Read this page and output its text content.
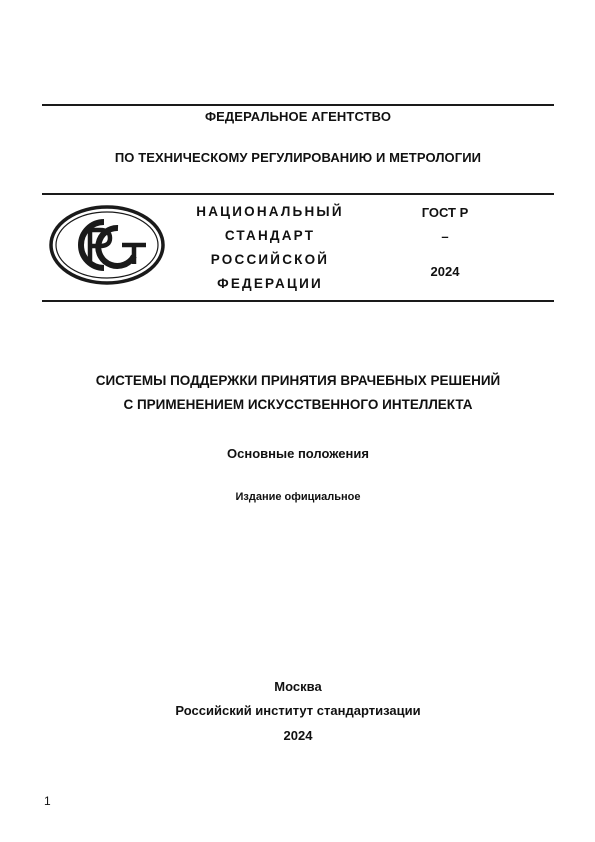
ФЕДЕРАЛЬНОЕ АГЕНТСТВО
ПО ТЕХНИЧЕСКОМУ РЕГУЛИРОВАНИЮ И МЕТРОЛОГИИ
НАЦИОНАЛЬНЫЙ
СТАНДАРТ
РОССИЙСКОЙ
ФЕДЕРАЦИИ
ГОСТ Р
–
2024
СИСТЕМЫ ПОДДЕРЖКИ ПРИНЯТИЯ ВРАЧЕБНЫХ РЕШЕНИЙ
С ПРИМЕНЕНИЕМ ИСКУССТВЕННОГО ИНТЕЛЛЕКТА
Основные положения
Издание официальное
Москва
Российский институт стандартизации
2024
1
